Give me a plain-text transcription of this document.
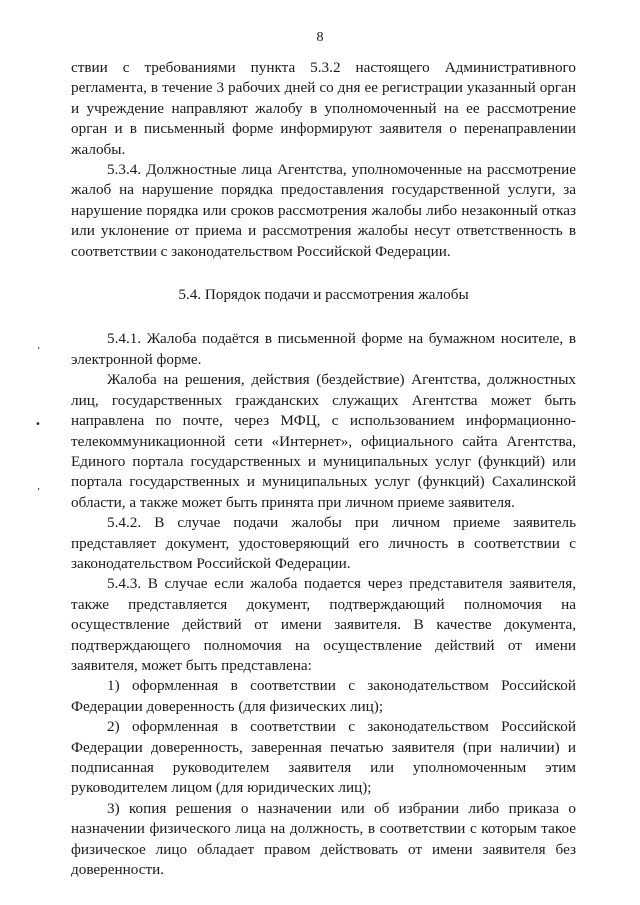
8
’
•
’

ствии с требованиями пункта 5.3.2 настоящего Административного регламента, в течение 3 рабочих дней со дня ее регистрации указанный орган и учреждение направляют жалобу в уполномоченный на ее рассмотрение орган и в письменный форме информируют заявителя о перенаправлении жалобы.

5.3.4. Должностные лица Агентства, уполномоченные на рассмотрение жалоб на нарушение порядка предоставления государственной услуги, за нарушение порядка или сроков рассмотрения жалобы либо незаконный отказ или уклонение от приема и рассмотрения жалобы несут ответственность в соответствии с законодательством Российской Федерации.

5.4. Порядок подачи и рассмотрения жалобы

5.4.1. Жалоба подаётся в письменной форме на бумажном носителе, в электронной форме.

Жалоба на решения, действия (бездействие) Агентства, должностных лиц, государственных гражданских служащих Агентства может быть направлена по почте, через МФЦ, с использованием информационно-телекоммуникационной сети «Интернет», официального сайта Агентства, Единого портала государственных и муниципальных услуг (функций) или портала государственных и муниципальных услуг (функций) Сахалинской области, а также может быть принята при личном приеме заявителя.

5.4.2. В случае подачи жалобы при личном приеме заявитель представляет документ, удостоверяющий его личность в соответствии с законодательством Российской Федерации.

5.4.3. В случае если жалоба подается через представителя заявителя, также представляется документ, подтверждающий полномочия на осуществление действий от имени заявителя. В качестве документа, подтверждающего полномочия на осуществление действий от имени заявителя, может быть представлена:

1) оформленная в соответствии с законодательством Российской Федерации доверенность (для физических лиц);

2) оформленная в соответствии с законодательством Российской Федерации доверенность, заверенная печатью заявителя (при наличии) и подписанная руководителем заявителя или уполномоченным этим руководителем лицом (для юридических лиц);

3) копия решения о назначении или об избрании либо приказа о назначении физического лица на должность, в соответствии с которым такое физическое лицо обладает правом действовать от имени заявителя без доверенности.
